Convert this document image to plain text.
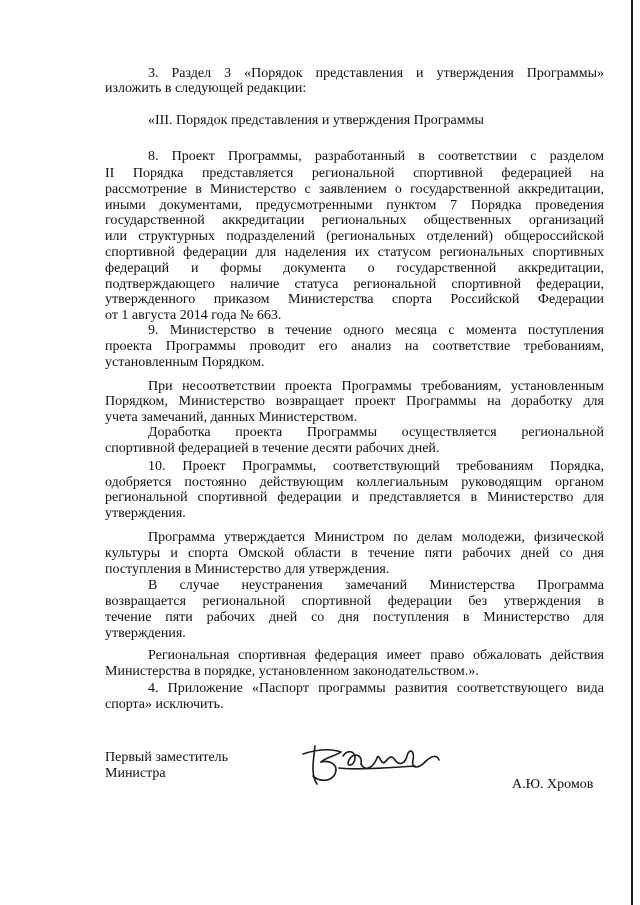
3. Раздел 3 «Порядок представления и утверждения Программы»

изложить в следующей редакции:

«III. Порядок представления и утверждения Программы

8. Проект Программы, разработанный в соответствии с разделом

II Порядка представляется региональной спортивной федерацией на

рассмотрение в Министерство с заявлением о государственной аккредитации,

иными документами, предусмотренными пунктом 7 Порядка проведения

государственной аккредитации региональных общественных организаций

или структурных подразделений (региональных отделений) общероссийской

спортивной федерации для наделения их статусом региональных спортивных

федераций и формы документа о государственной аккредитации,

подтверждающего наличие статуса региональной спортивной федерации,

утвержденного приказом Министерства спорта Российской Федерации

от 1 августа 2014 года № 663.

9. Министерство в течение одного месяца с момента поступления

проекта Программы проводит его анализ на соответствие требованиям,

установленным Порядком.

При несоответствии проекта Программы требованиям, установленным

Порядком, Министерство возвращает проект Программы на доработку для

учета замечаний, данных Министерством.

Доработка проекта Программы осуществляется региональной

спортивной федерацией в течение десяти рабочих дней.

10. Проект Программы, соответствующий требованиям Порядка,

одобряется постоянно действующим коллегиальным руководящим органом

региональной спортивной федерации и представляется в Министерство для

утверждения.

Программа утверждается Министром по делам молодежи, физической

культуры и спорта Омской области в течение пяти рабочих дней со дня

поступления в Министерство для утверждения.

В случае неустранения замечаний Министерства Программа

возвращается региональной спортивной федерации без утверждения в

течение пяти рабочих дней со дня поступления в Министерство для

утверждения.

Региональная спортивная федерация имеет право обжаловать действия

Министерства в порядке, установленном законодательством.».

4. Приложение «Паспорт программы развития соответствующего вида

спорта» исключить.

Первый заместитель

Министра

А.Ю. Хромов
